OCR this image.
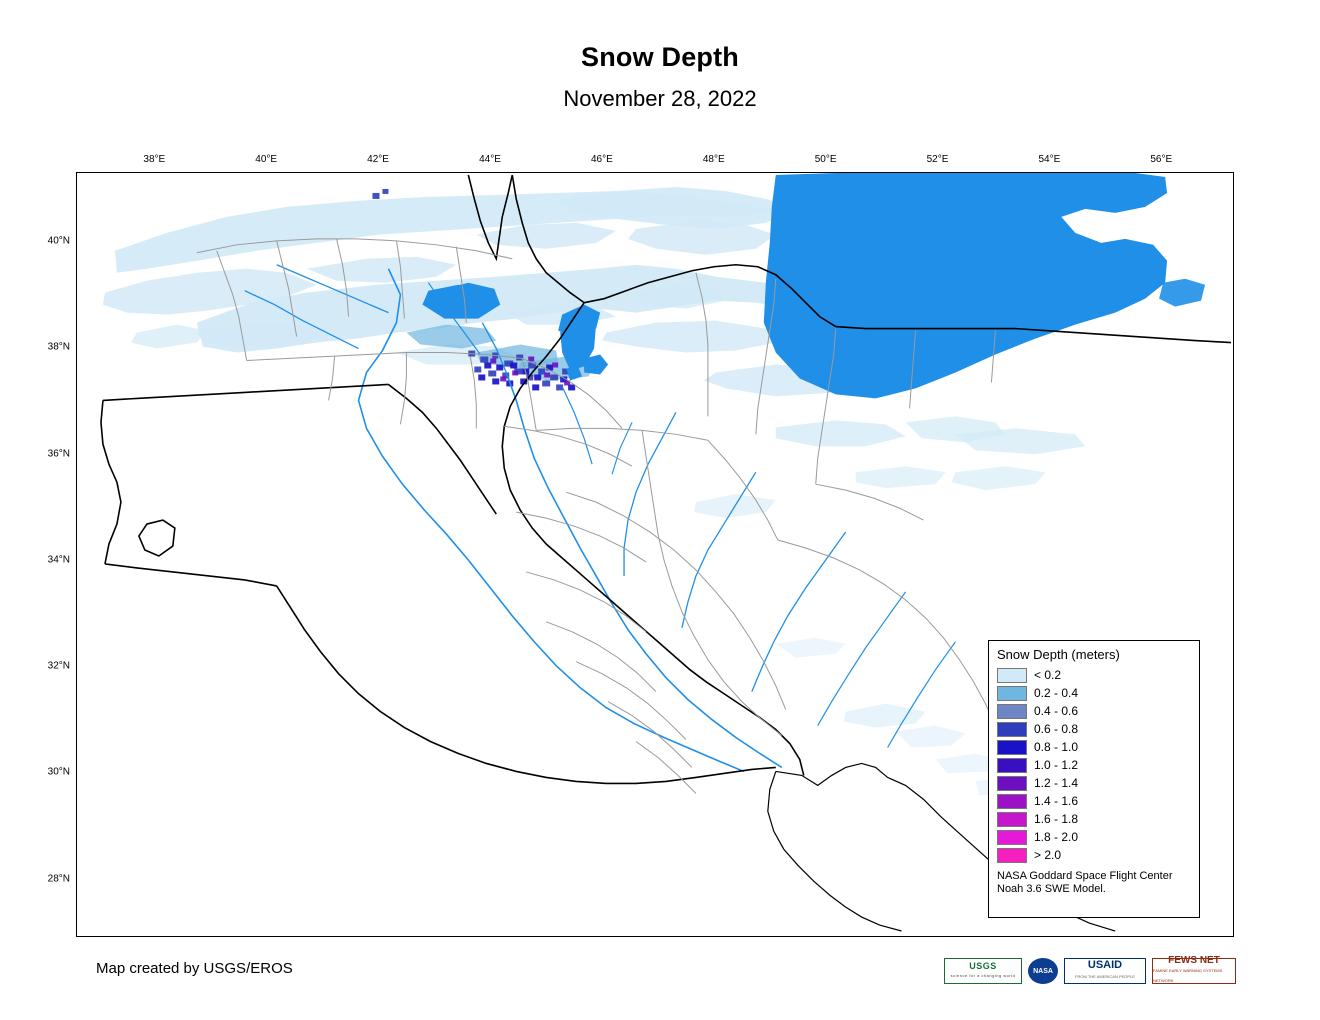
Snow Depth
November 28, 2022
38°E	40°E	42°E	44°E	46°E	48°E	50°E	52°E	54°E	56°E
40°N
38°N
36°N
34°N
32°N
30°N
28°N
Snow Depth (meters)
< 0.2
0.2 - 0.4
0.4 - 0.6
0.6 - 0.8
0.8 - 1.0
1.0 - 1.2
1.2 - 1.4
1.4 - 1.6
1.6 - 1.8
1.8 - 2.0
> 2.0
NASA Goddard Space Flight Center
Noah 3.6 SWE Model.
Map created by USGS/EROS	USGS
science for a changing world
NASA	USAID
FROM THE AMERICAN PEOPLE
FEWS NET
FAMINE EARLY WARNING SYSTEMS NETWORK
